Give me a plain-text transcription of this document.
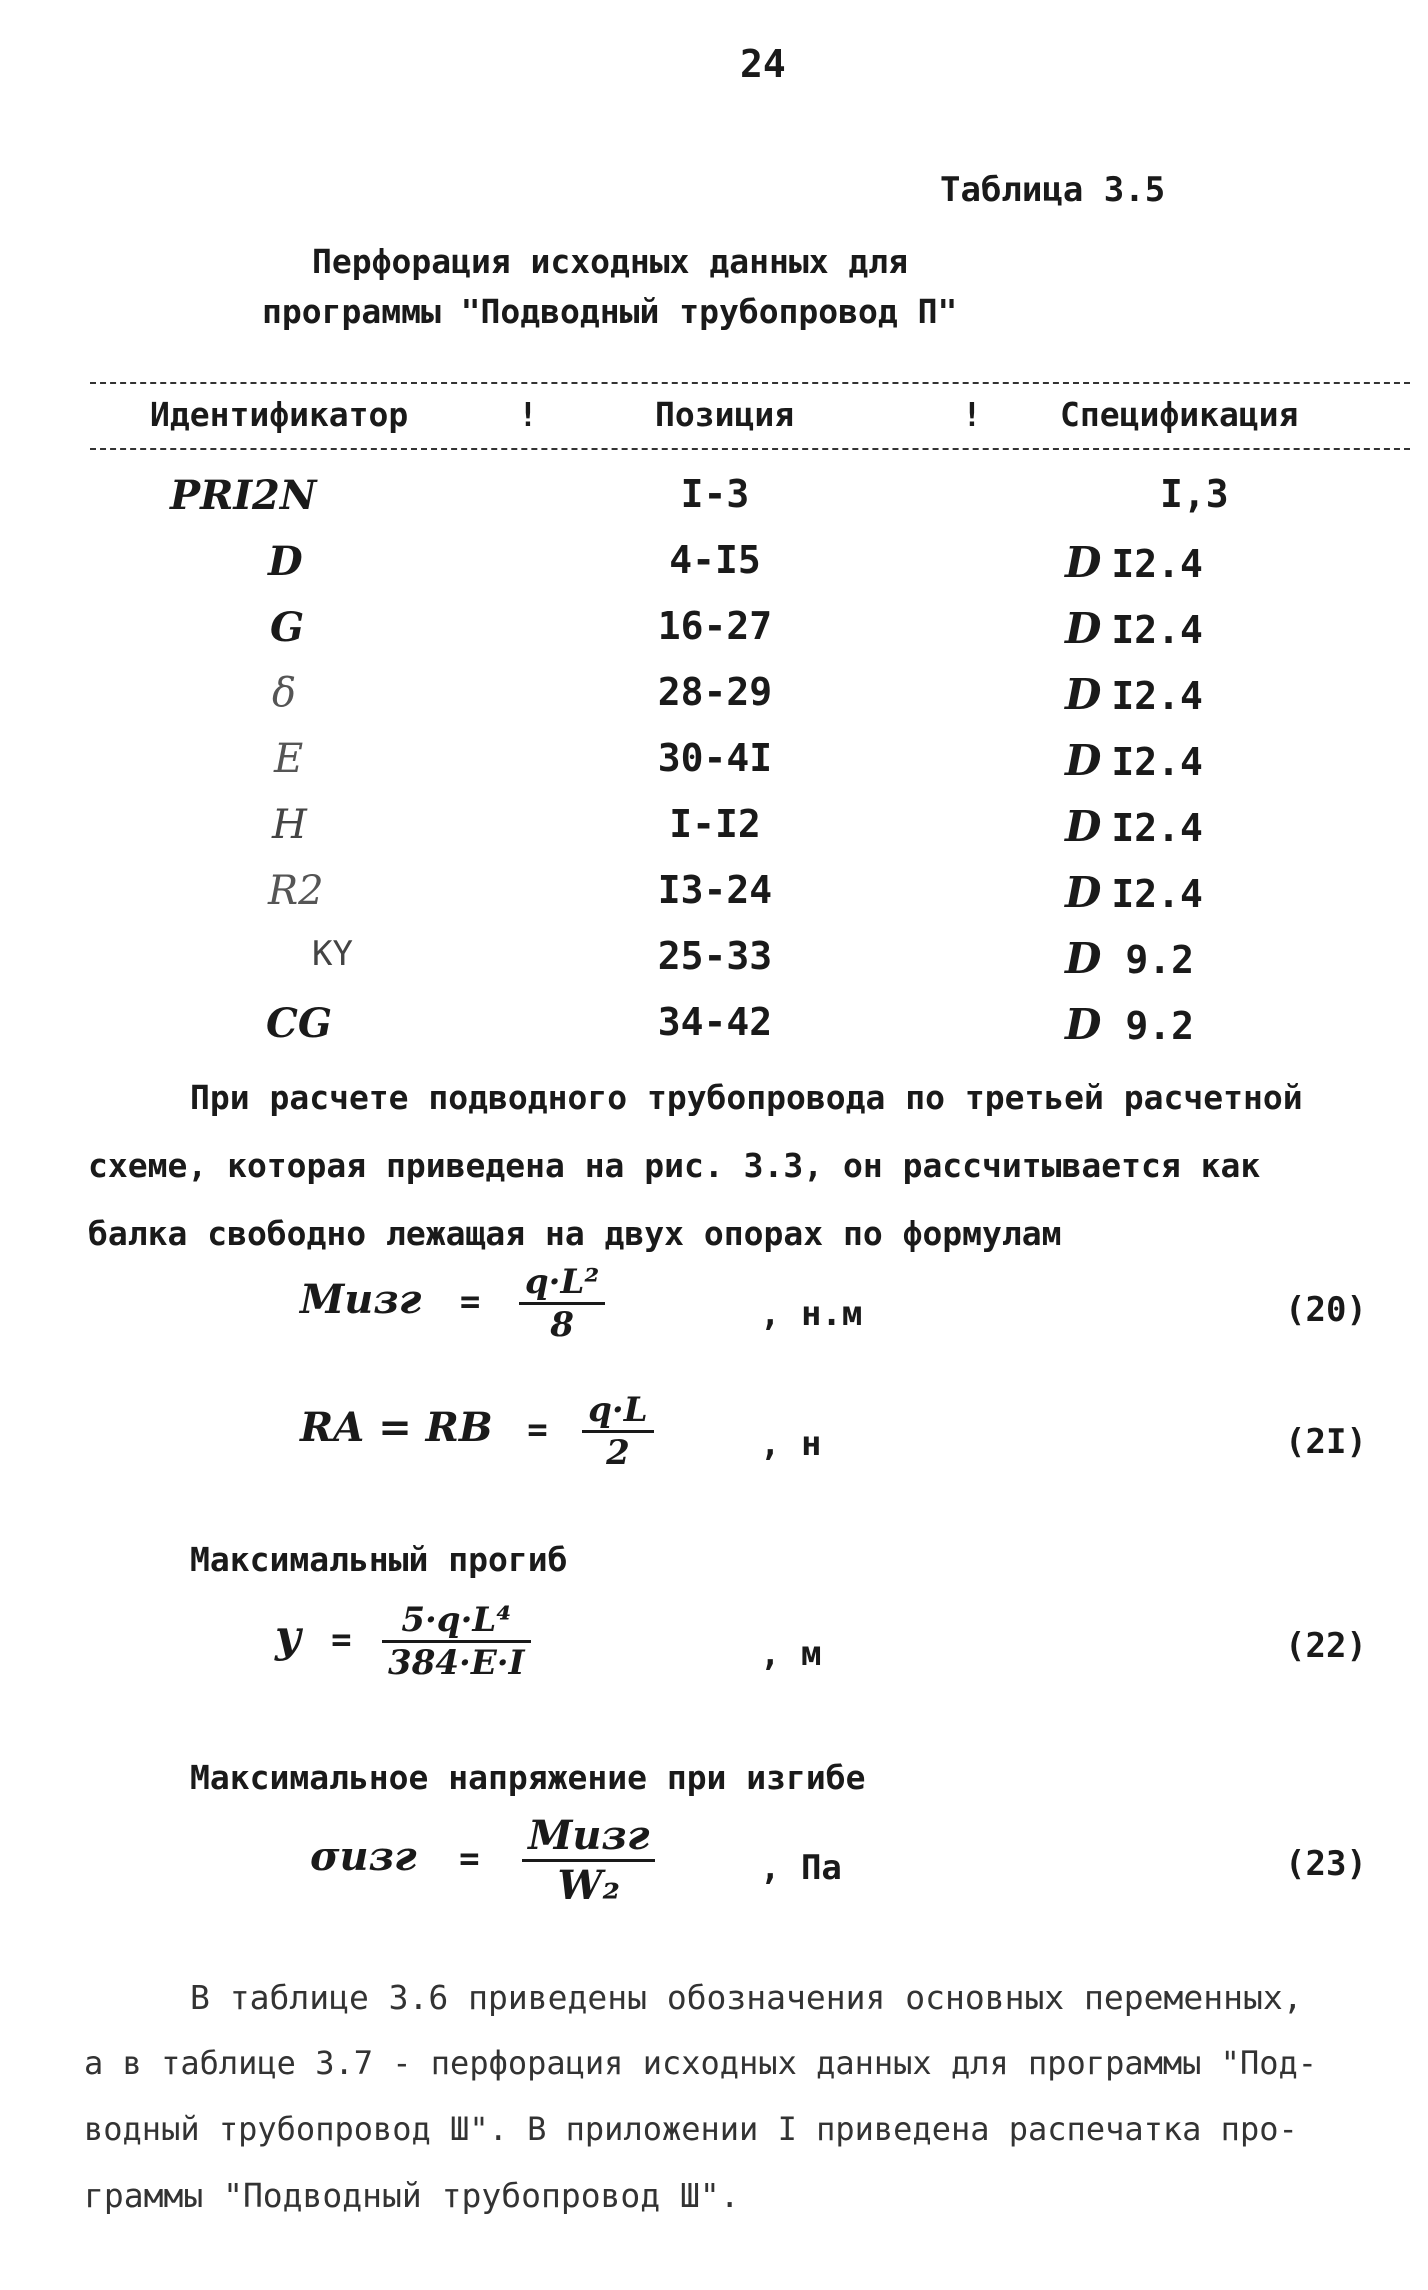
24
Таблица 3.5
Перфорация исходных данных для
программы "Подводный трубопровод П"
Идентификатор	!	Позиция	! Спецификация
PRI2N	I-3	I,3
D	4-I5	D I2.4
G	16-27	D I2.4
δ	28-29	D I2.4
E	30-4I	D I2.4
H	I-I2	D I2.4
R2	I3-24	D I2.4
KY	25-33	D 9.2
CG	34-42	D 9.2
При расчете подводного трубопровода по третьей расчетной
схеме, которая приведена на рис. 3.3, он рассчитывается как
балка свободно лежащая на двух опорах по формулам
Mизг = $\frac{\text{q·L²}}{8}$	, н.м	(20)
RA = RB = $\frac{q\cdot L}{2}$	, н	(2I)
Максимальный прогиб
$y = \frac{\text{5·q·L⁴}}{384\cdot E\cdot I}$	, м	(22)
Максимальное напряжение при изгибе
$\sigma изг = \frac{\text{Mизг}}{\text{W₂}}$	, Па	(23)
В таблице 3.6 приведены обозначения основных переменных,
а в таблице 3.7 - перфорация исходных данных для программы "Под-
водный трубопровод Ш". В приложении I приведена распечатка про-
граммы "Подводный трубопровод Ш".
